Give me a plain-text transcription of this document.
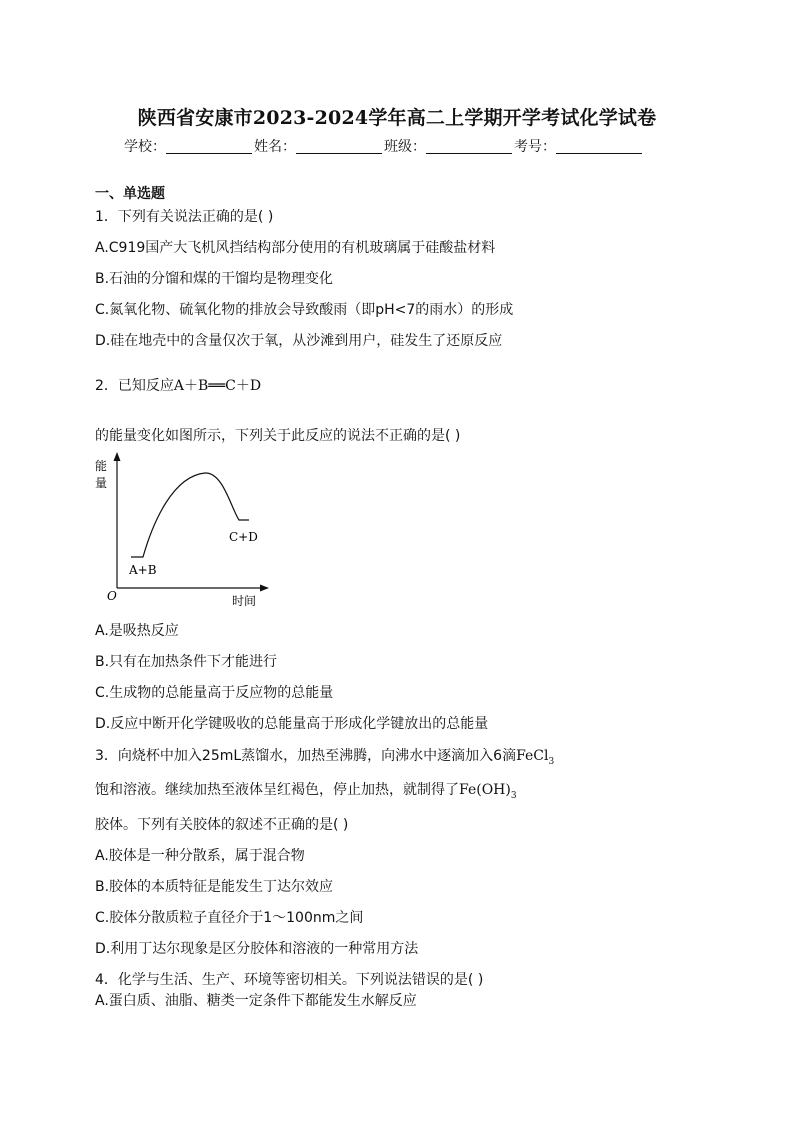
陕西省安康市2023-2024学年高二上学期开学考试化学试卷
学校：	姓名：	班级：	考号：
一、单选题
1．下列有关说法正确的是( )
A.C919国产大飞机风挡结构部分使用的有机玻璃属于硅酸盐材料
B.石油的分馏和煤的干馏均是物理变化
C.氮氧化物、硫氧化物的排放会导致酸雨（即pH<7的雨水）的形成
D.硅在地壳中的含量仅次于氧，从沙滩到用户，硅发生了还原反应
2．已知反应A＋B══C＋D
的能量变化如图所示，下列关于此反应的说法不正确的是( )
能
量
O	时间
A+B
C+D
A.是吸热反应
B.只有在加热条件下才能进行
C.生成物的总能量高于反应物的总能量
D.反应中断开化学键吸收的总能量高于形成化学键放出的总能量
3．向烧杯中加入25mL蒸馏水，加热至沸腾，向沸水中逐滴加入6滴FeCl$_3$
饱和溶液。继续加热至液体呈红褐色，停止加热，就制得了$Fe(OH)_3$
胶体。下列有关胶体的叙述不正确的是( )
A.胶体是一种分散系，属于混合物
B.胶体的本质特征是能发生丁达尔效应
C.胶体分散质粒子直径介于1～100nm之间
D.利用丁达尔现象是区分胶体和溶液的一种常用方法
4．化学与生活、生产、环境等密切相关。下列说法错误的是( )
A.蛋白质、油脂、糖类一定条件下都能发生水解反应
